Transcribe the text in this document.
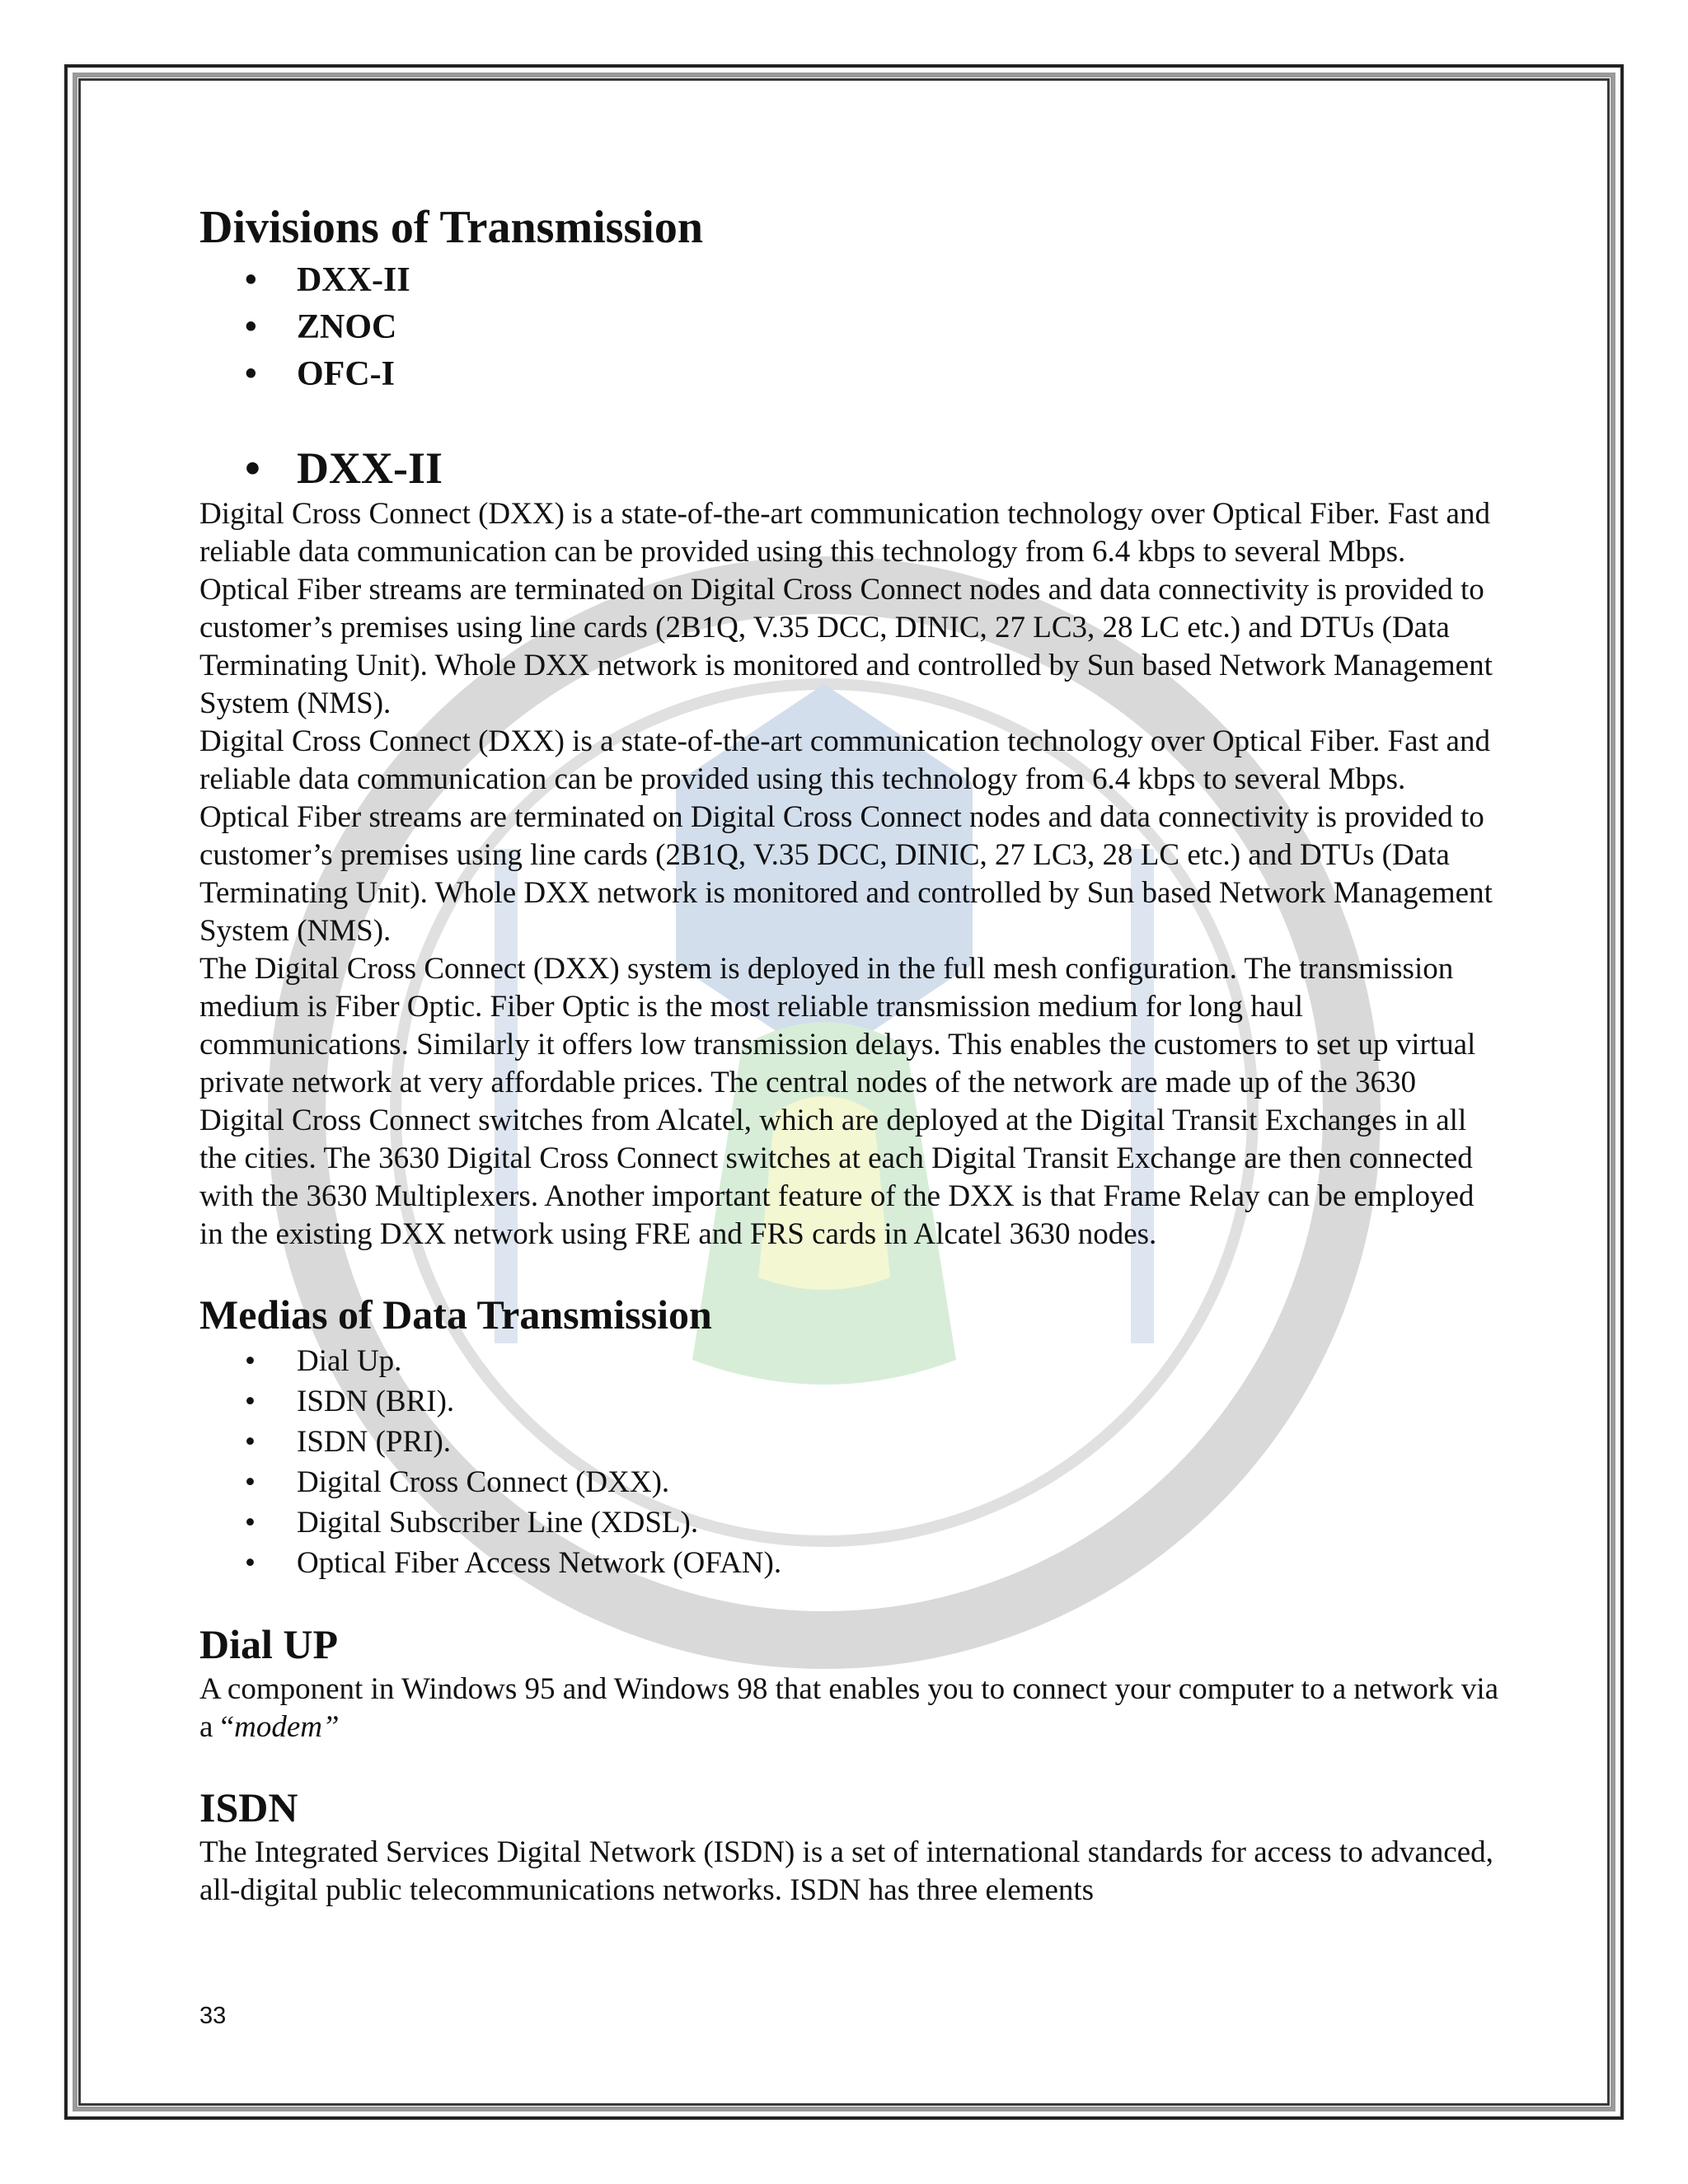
Divisions of Transmission
• DXX-II
• ZNOC
• OFC-I
• DXX-II

Digital Cross Connect (DXX) is a state-of-the-art communication technology over Optical Fiber. Fast and reliable data communication can be provided using this technology from 6.4 kbps to several Mbps. Optical Fiber streams are terminated on Digital Cross Connect nodes and data connectivity is provided to customer’s premises using line cards (2B1Q, V.35 DCC, DINIC, 27 LC3, 28 LC etc.) and DTUs (Data Terminating Unit). Whole DXX network is monitored and controlled by Sun based Network Management System (NMS).

Digital Cross Connect (DXX) is a state-of-the-art communication technology over Optical Fiber. Fast and reliable data communication can be provided using this technology from 6.4 kbps to several Mbps. Optical Fiber streams are terminated on Digital Cross Connect nodes and data connectivity is provided to customer’s premises using line cards (2B1Q, V.35 DCC, DINIC, 27 LC3, 28 LC etc.) and DTUs (Data Terminating Unit). Whole DXX network is monitored and controlled by Sun based Network Management System (NMS).

The Digital Cross Connect (DXX) system is deployed in the full mesh configuration. The transmission medium is Fiber Optic. Fiber Optic is the most reliable transmission medium for long haul communications. Similarly it offers low transmission delays. This enables the customers to set up virtual private network at very affordable prices. The central nodes of the network are made up of the 3630 Digital Cross Connect switches from Alcatel, which are deployed at the Digital Transit Exchanges in all the cities. The 3630 Digital Cross Connect switches at each Digital Transit Exchange are then connected with the 3630 Multiplexers. Another important feature of the DXX is that Frame Relay can be employed in the existing DXX network using FRE and FRS cards in Alcatel 3630 nodes.

Medias of Data Transmission
• Dial Up.
• ISDN (BRI).
• ISDN (PRI).
• Digital Cross Connect (DXX).
• Digital Subscriber Line (XDSL).
• Optical Fiber Access Network (OFAN).
Dial UP

A component in Windows 95 and Windows 98 that enables you to connect your computer to a network via a “modem”

ISDN

The Integrated Services Digital Network (ISDN) is a set of international standards for access to advanced, all-digital public telecommunications networks. ISDN has three elements

33
